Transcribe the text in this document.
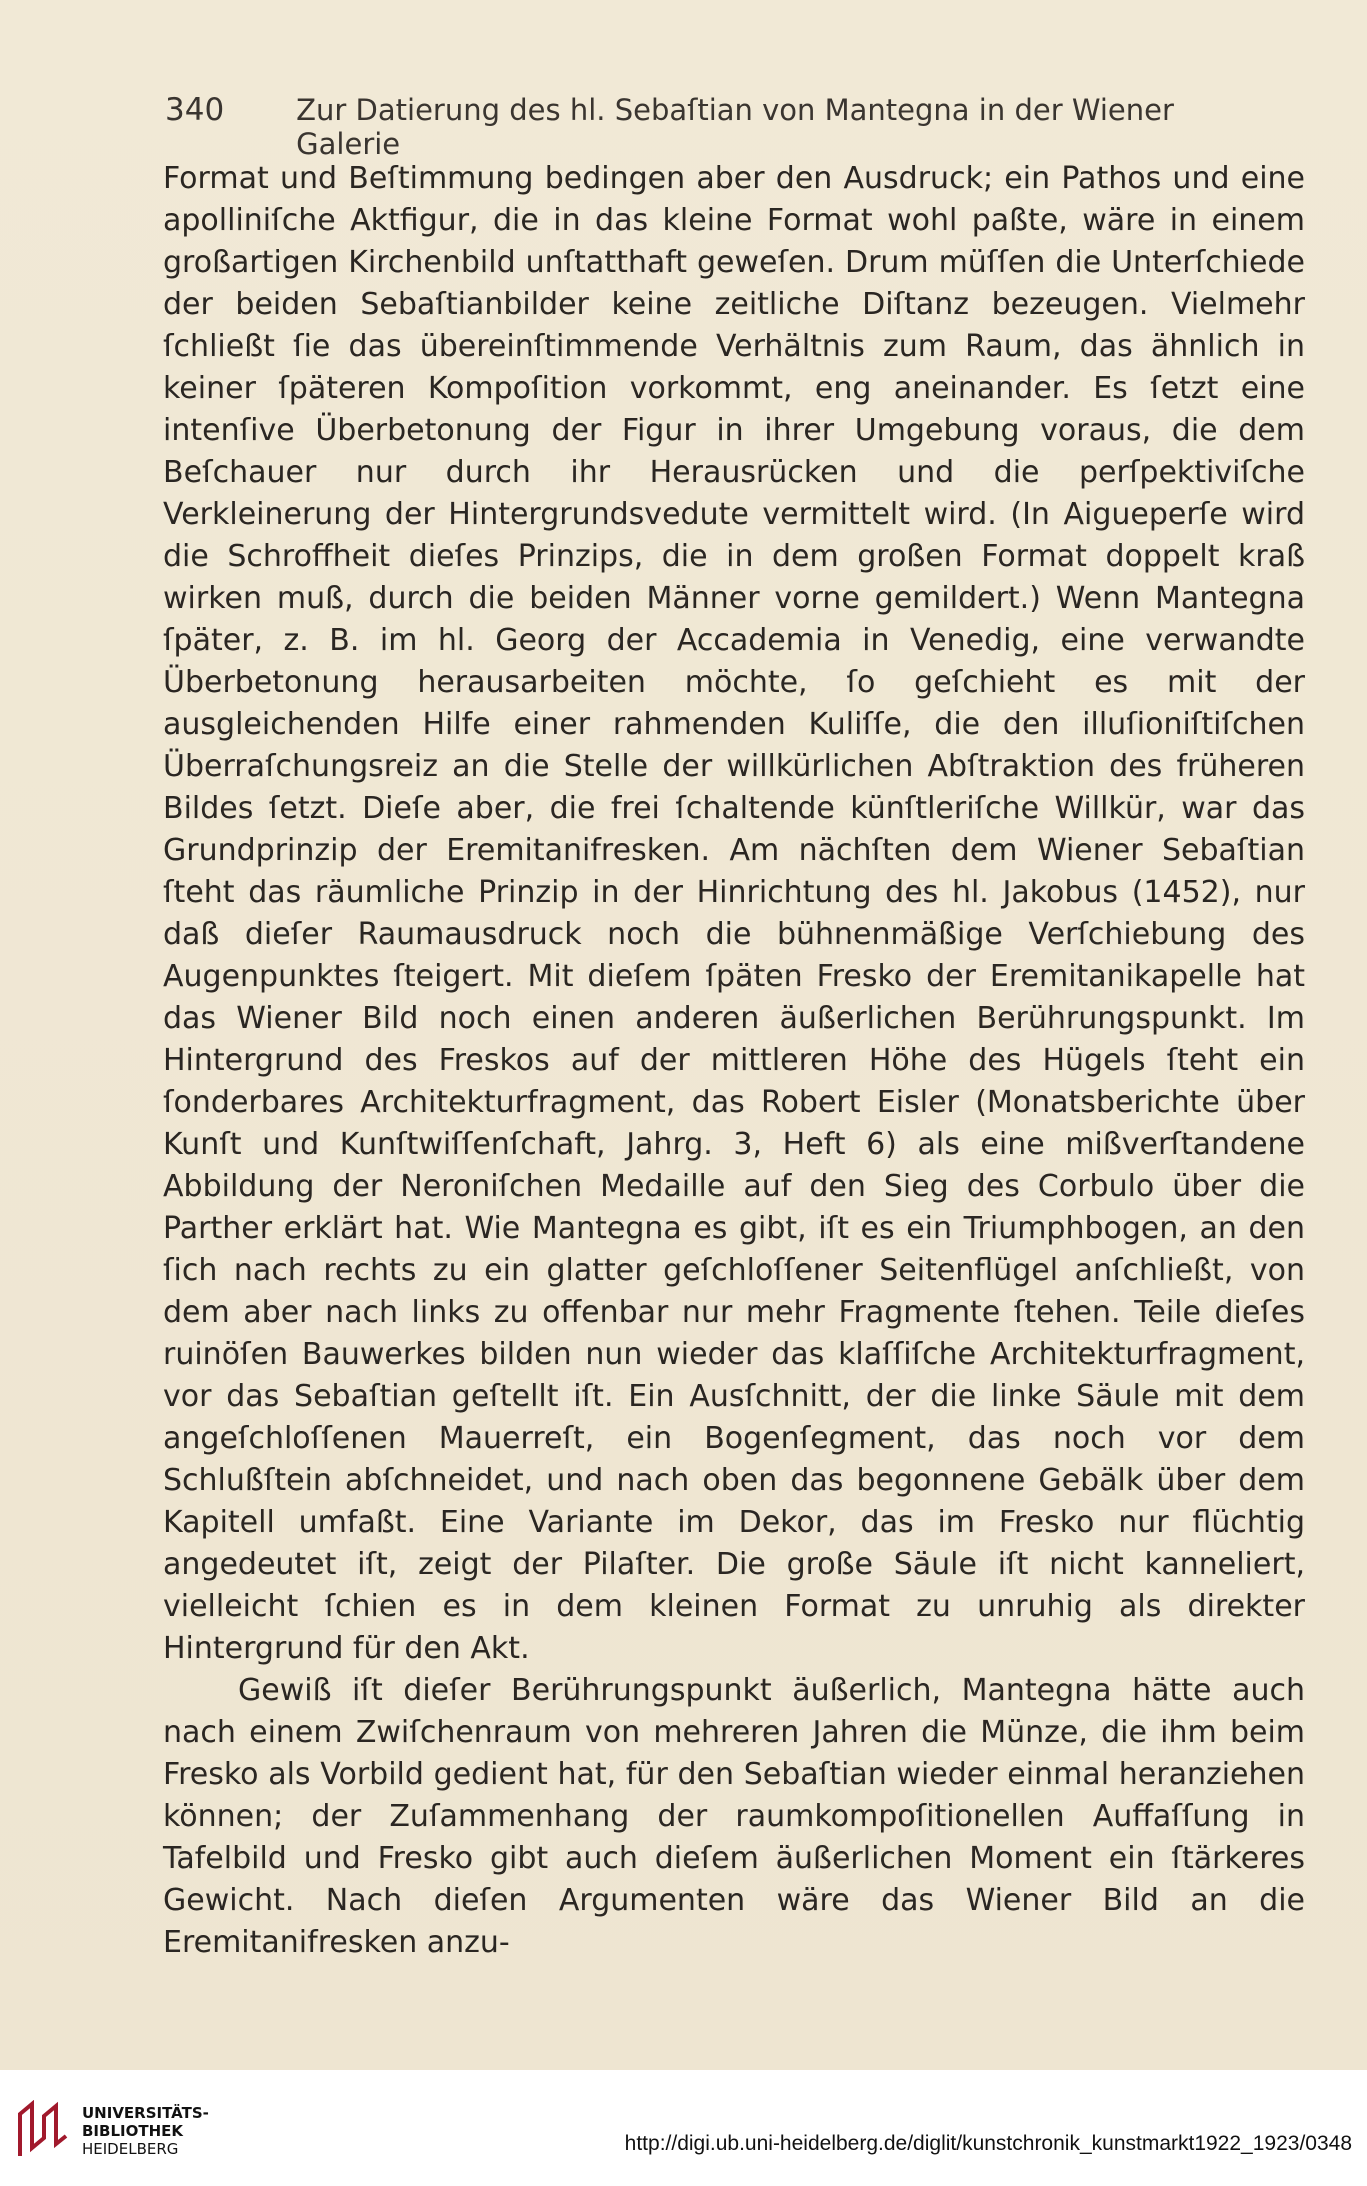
340 Zur Datierung des hl. Sebaſtian von Mantegna in der Wiener Galerie

Format und Beſtimmung bedingen aber den Ausdruck; ein Pathos und eine apolliniſche Aktfigur, die in das kleine Format wohl paßte, wäre in einem großartigen Kirchenbild unſtatthaft geweſen. Drum müſſen die Unterſchiede der beiden Sebaſtianbilder keine zeitliche Diſtanz bezeugen. Vielmehr ſchließt ſie das übereinſtimmende Verhältnis zum Raum, das ähnlich in keiner ſpäteren Kompoſition vorkommt, eng aneinander. Es ſetzt eine intenſive Überbetonung der Figur in ihrer Umgebung voraus, die dem Beſchauer nur durch ihr Herausrücken und die perſpektiviſche Verkleinerung der Hintergrundsvedute vermittelt wird. (In Aigueperſe wird die Schroffheit dieſes Prinzips, die in dem großen Format doppelt kraß wirken muß, durch die beiden Männer vorne gemildert.) Wenn Mantegna ſpäter, z. B. im hl. Georg der Accademia in Venedig, eine verwandte Überbetonung herausarbeiten möchte, ſo geſchieht es mit der ausgleichenden Hilfe einer rahmenden Kuliſſe, die den illuſioniſtiſchen Überraſchungsreiz an die Stelle der willkürlichen Abſtraktion des früheren Bildes ſetzt. Dieſe aber, die frei ſchaltende künſtleriſche Willkür, war das Grundprinzip der Eremitanifresken. Am nächſten dem Wiener Sebaſtian ſteht das räumliche Prinzip in der Hinrichtung des hl. Jakobus (1452), nur daß dieſer Raumausdruck noch die bühnenmäßige Verſchiebung des Augenpunktes ſteigert. Mit dieſem ſpäten Fresko der Eremitanikapelle hat das Wiener Bild noch einen anderen äußerlichen Berührungspunkt. Im Hintergrund des Freskos auf der mittleren Höhe des Hügels ſteht ein ſonderbares Architekturfragment, das Robert Eisler (Monatsberichte über Kunſt und Kunſtwiſſenſchaft, Jahrg. 3, Heft 6) als eine mißverſtandene Abbildung der Neroniſchen Medaille auf den Sieg des Corbulo über die Parther erklärt hat. Wie Mantegna es gibt, iſt es ein Triumphbogen, an den ſich nach rechts zu ein glatter geſchloſſener Seitenflügel anſchließt, von dem aber nach links zu offenbar nur mehr Fragmente ſtehen. Teile dieſes ruinöſen Bauwerkes bilden nun wieder das klaſſiſche Architekturfragment, vor das Sebaſtian geſtellt iſt. Ein Ausſchnitt, der die linke Säule mit dem angeſchloſſenen Mauerreſt, ein Bogenſegment, das noch vor dem Schlußſtein abſchneidet, und nach oben das begonnene Gebälk über dem Kapitell umfaßt. Eine Variante im Dekor, das im Fresko nur flüchtig angedeutet iſt, zeigt der Pilaſter. Die große Säule iſt nicht kanneliert, vielleicht ſchien es in dem kleinen Format zu unruhig als direkter Hintergrund für den Akt.

Gewiß iſt dieſer Berührungspunkt äußerlich, Mantegna hätte auch nach einem Zwiſchenraum von mehreren Jahren die Münze, die ihm beim Fresko als Vorbild gedient hat, für den Sebaſtian wieder einmal heranziehen können; der Zuſammenhang der raumkompoſitionellen Auffaſſung in Tafelbild und Fresko gibt auch dieſem äußerlichen Moment ein ſtärkeres Gewicht. Nach dieſen Argumenten wäre das Wiener Bild an die Eremitanifresken anzu-

UNIVERSITÄTS-
BIBLIOTHEK
HEIDELBERG	http://digi.ub.uni-heidelberg.de/diglit/kunstchronik_kunstmarkt1922_1923/0348
